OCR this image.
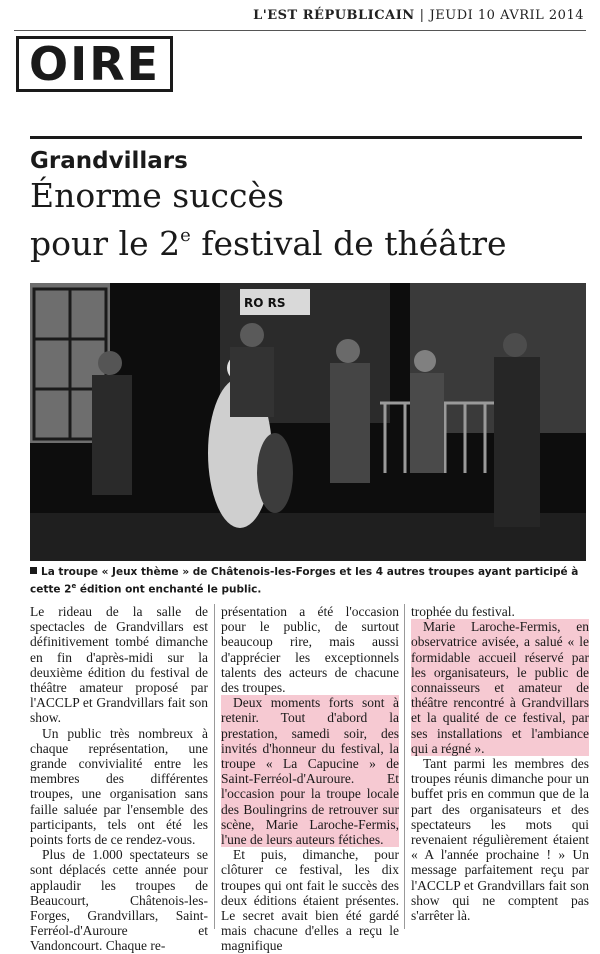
L'EST RÉPUBLICAIN | JEUDI 10 AVRIL 2014
OIRE
Grandvillars
Énorme succès
pour le 2e festival de théâtre
RO RS
La troupe « Jeux thème » de Châtenois-les-Forges et les 4 autres troupes ayant participé à cette 2e édition ont enchanté le public.

Le rideau de la salle de spectacles de Grandvillars est définitivement tombé dimanche en fin d'après-midi sur la deuxième édition du festival de théâtre amateur proposé par l'ACCLP et Grandvillars fait son show.

Un public très nombreux à chaque représentation, une grande convivialité entre les membres des différentes troupes, une organisation sans faille saluée par l'ensemble des participants, tels ont été les points forts de ce rendez-vous.

Plus de 1.000 spectateurs se sont déplacés cette année pour applaudir les troupes de Beaucourt, Châtenois-les-Forges, Grandvillars, Saint-Ferréol-d'Auroure et Vandoncourt. Chaque re-

présentation a été l'occasion pour le public, de surtout beaucoup rire, mais aussi d'apprécier les exceptionnels talents des acteurs de chacune des troupes.

Deux moments forts sont à retenir. Tout d'abord la prestation, samedi soir, des invités d'honneur du festival, la troupe « La Capucine » de Saint-Ferréol-d'Auroure. Et l'occasion pour la troupe locale des Boulingrins de retrouver sur scène, Marie Laroche-Fermis, l'une de leurs auteurs fétiches.

Et puis, dimanche, pour clôturer ce festival, les dix troupes qui ont fait le succès des deux éditions étaient présentes. Le secret avait bien été gardé mais chacune d'elles a reçu le magnifique

trophée du festival.

Marie Laroche-Fermis, en observatrice avisée, a salué « le formidable accueil réservé par les organisateurs, le public de connaisseurs et amateur de théâtre rencontré à Grandvillars et la qualité de ce festival, par ses installations et l'ambiance qui a régné ».

Tant parmi les membres des troupes réunis dimanche pour un buffet pris en commun que de la part des organisateurs et des spectateurs les mots qui revenaient régulièrement étaient « A l'année prochaine ! » Un message parfaitement reçu par l'ACCLP et Grandvillars fait son show qui ne comptent pas s'arrêter là.
